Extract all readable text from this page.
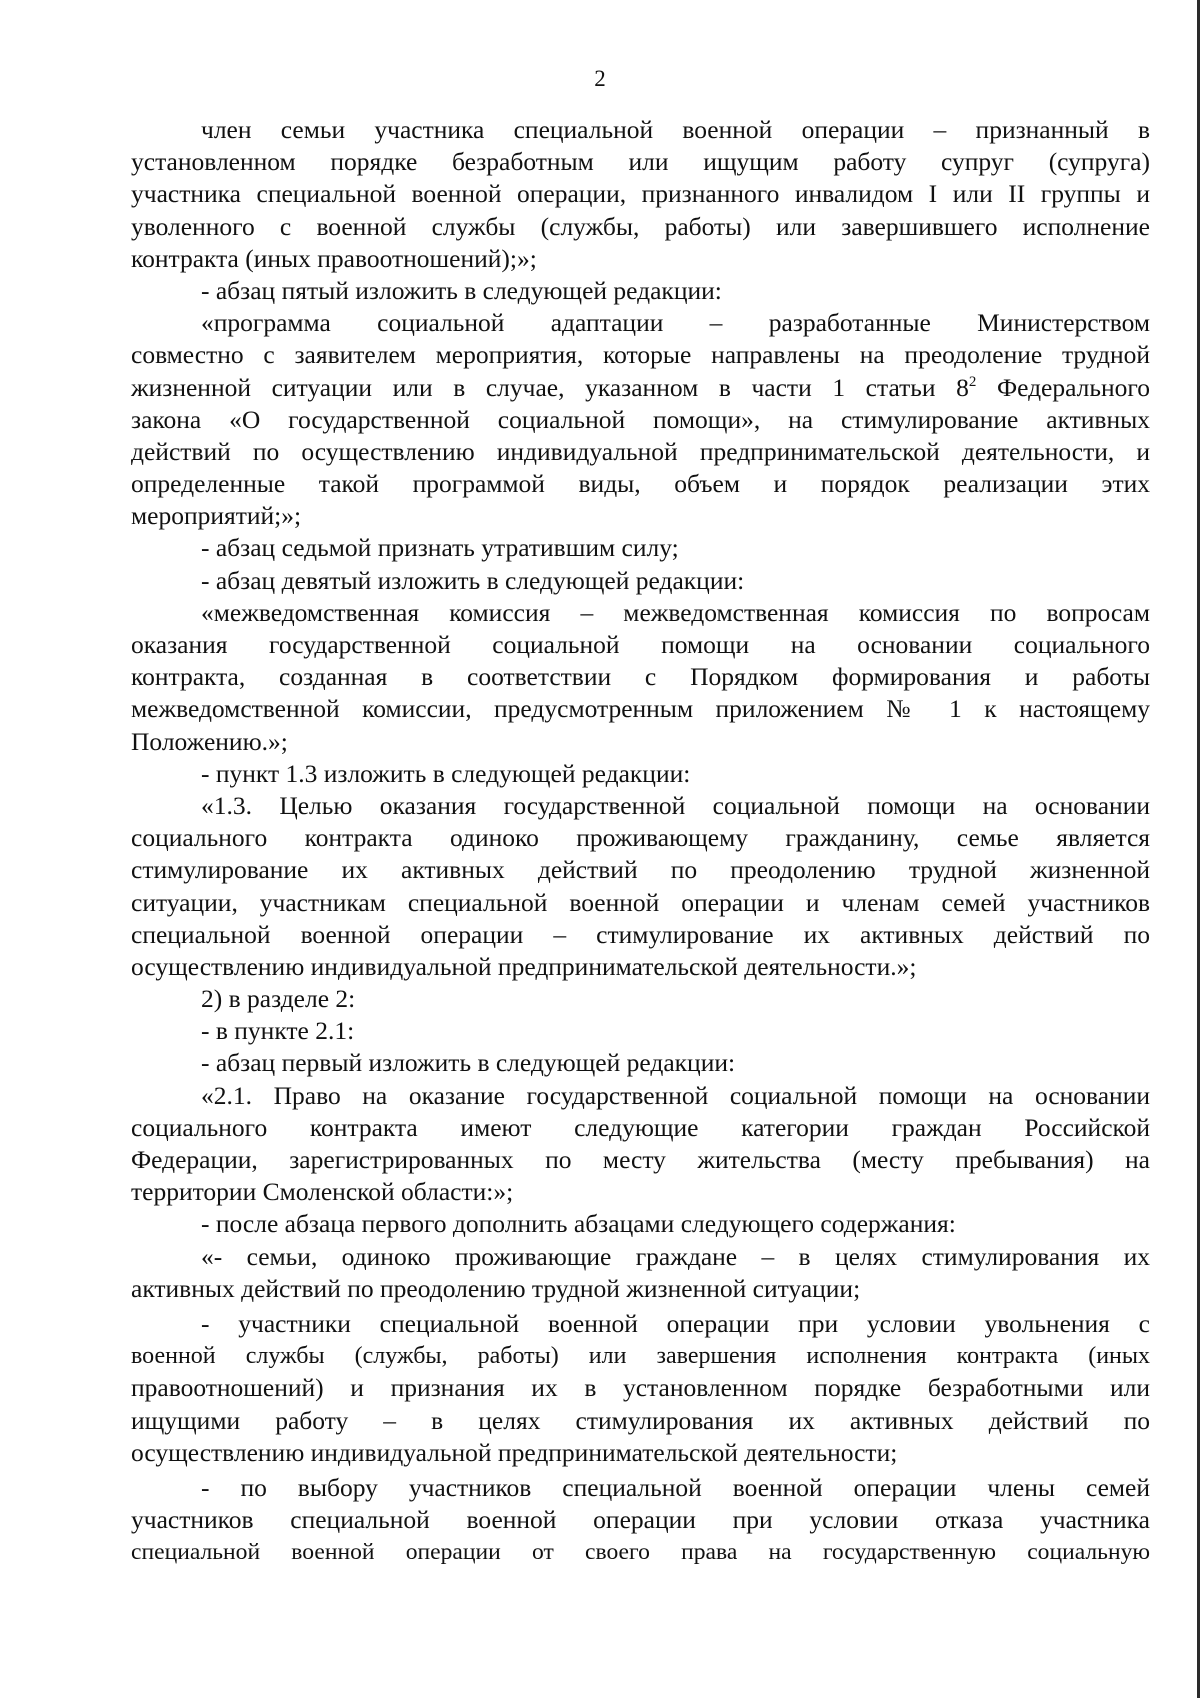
2
член семьи участника специальной военной операции – признанный в
установленном порядке безработным или ищущим работу супруг (супруга)
участника специальной военной операции, признанного инвалидом I или II группы и
уволенного с военной службы (службы, работы) или завершившего исполнение
контракта (иных правоотношений);»;
- абзац пятый изложить в следующей редакции:
«программа социальной адаптации – разработанные Министерством
совместно с заявителем мероприятия, которые направлены на преодоление трудной
жизненной ситуации или в случае, указанном в части 1 статьи $8^2$ Федерального
закона «О государственной социальной помощи», на стимулирование активных
действий по осуществлению индивидуальной предпринимательской деятельности, и
определенные такой программой виды, объем и порядок реализации этих
мероприятий;»;
- абзац седьмой признать утратившим силу;
- абзац девятый изложить в следующей редакции:
«межведомственная комиссия – межведомственная комиссия по вопросам
оказания государственной социальной помощи на основании социального
контракта, созданная в соответствии с Порядком формирования и работы
межведомственной комиссии, предусмотренным приложением № 1 к настоящему
Положению.»;
- пункт 1.3 изложить в следующей редакции:
«1.3. Целью оказания государственной социальной помощи на основании
социального контракта одиноко проживающему гражданину, семье является
стимулирование их активных действий по преодолению трудной жизненной
ситуации, участникам специальной военной операции и членам семей участников
специальной военной операции – стимулирование их активных действий по
осуществлению индивидуальной предпринимательской деятельности.»;
2) в разделе 2:
- в пункте 2.1:
- абзац первый изложить в следующей редакции:
«2.1. Право на оказание государственной социальной помощи на основании
социального контракта имеют следующие категории граждан Российской
Федерации, зарегистрированных по месту жительства (месту пребывания) на
территории Смоленской области:»;
- после абзаца первого дополнить абзацами следующего содержания:
«- семьи, одиноко проживающие граждане – в целях стимулирования их
активных действий по преодолению трудной жизненной ситуации;
- участники специальной военной операции при условии увольнения с
военной службы (службы, работы) или завершения исполнения контракта (иных
правоотношений) и признания их в установленном порядке безработными или
ищущими работу – в целях стимулирования их активных действий по
осуществлению индивидуальной предпринимательской деятельности;
- по выбору участников специальной военной операции члены семей
участников специальной военной операции при условии отказа участника
специальной военной операции от своего права на государственную социальную
